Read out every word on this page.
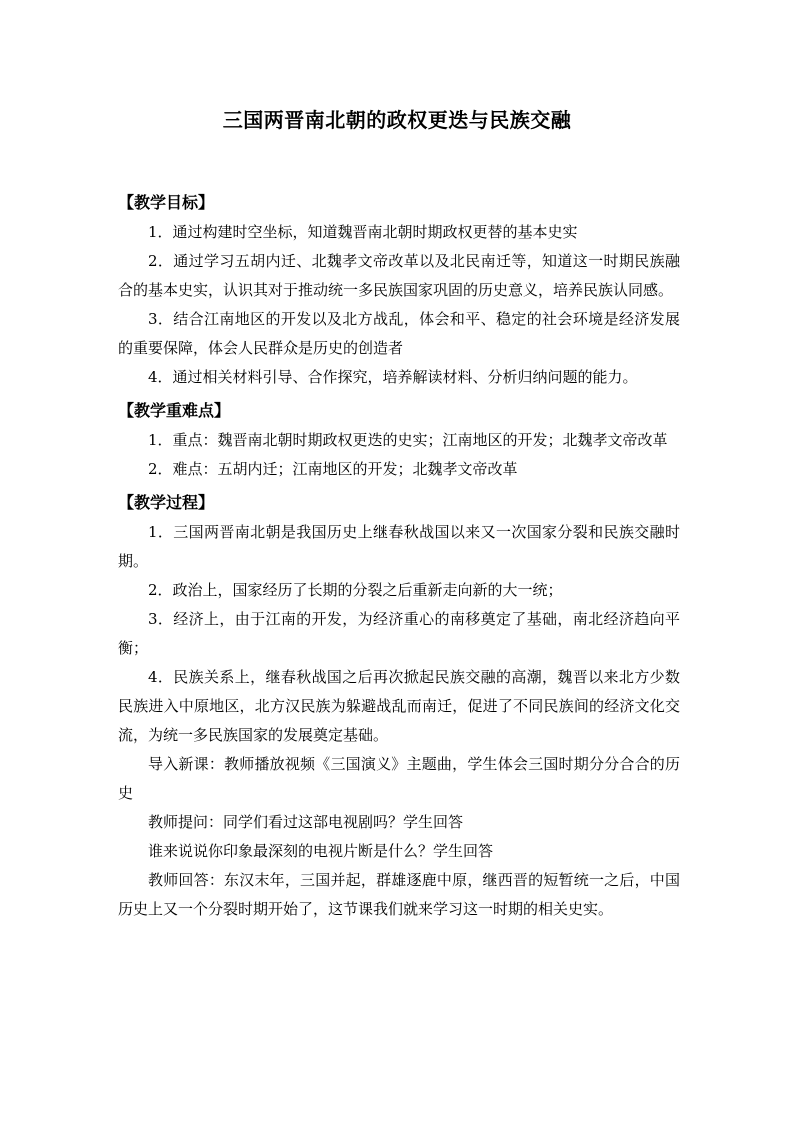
三国两晋南北朝的政权更迭与民族交融
【教学目标】

1．通过构建时空坐标，知道魏晋南北朝时期政权更替的基本史实

2．通过学习五胡内迁、北魏孝文帝改革以及北民南迁等，知道这一时期民族融合的基本史实，认识其对于推动统一多民族国家巩固的历史意义，培养民族认同感。

3．结合江南地区的开发以及北方战乱，体会和平、稳定的社会环境是经济发展的重要保障，体会人民群众是历史的创造者

4．通过相关材料引导、合作探究，培养解读材料、分析归纳问题的能力。

【教学重难点】

1．重点：魏晋南北朝时期政权更迭的史实；江南地区的开发；北魏孝文帝改革

2．难点：五胡内迁；江南地区的开发；北魏孝文帝改革

【教学过程】

1．三国两晋南北朝是我国历史上继春秋战国以来又一次国家分裂和民族交融时期。

2．政治上，国家经历了长期的分裂之后重新走向新的大一统；

3．经济上，由于江南的开发，为经济重心的南移奠定了基础，南北经济趋向平衡；

4．民族关系上，继春秋战国之后再次掀起民族交融的高潮，魏晋以来北方少数民族进入中原地区，北方汉民族为躲避战乱而南迁，促进了不同民族间的经济文化交流，为统一多民族国家的发展奠定基础。

导入新课：教师播放视频《三国演义》主题曲，学生体会三国时期分分合合的历史

教师提问：同学们看过这部电视剧吗？学生回答

谁来说说你印象最深刻的电视片断是什么？学生回答

教师回答：东汉末年，三国并起，群雄逐鹿中原，继西晋的短暂统一之后，中国历史上又一个分裂时期开始了，这节课我们就来学习这一时期的相关史实。
